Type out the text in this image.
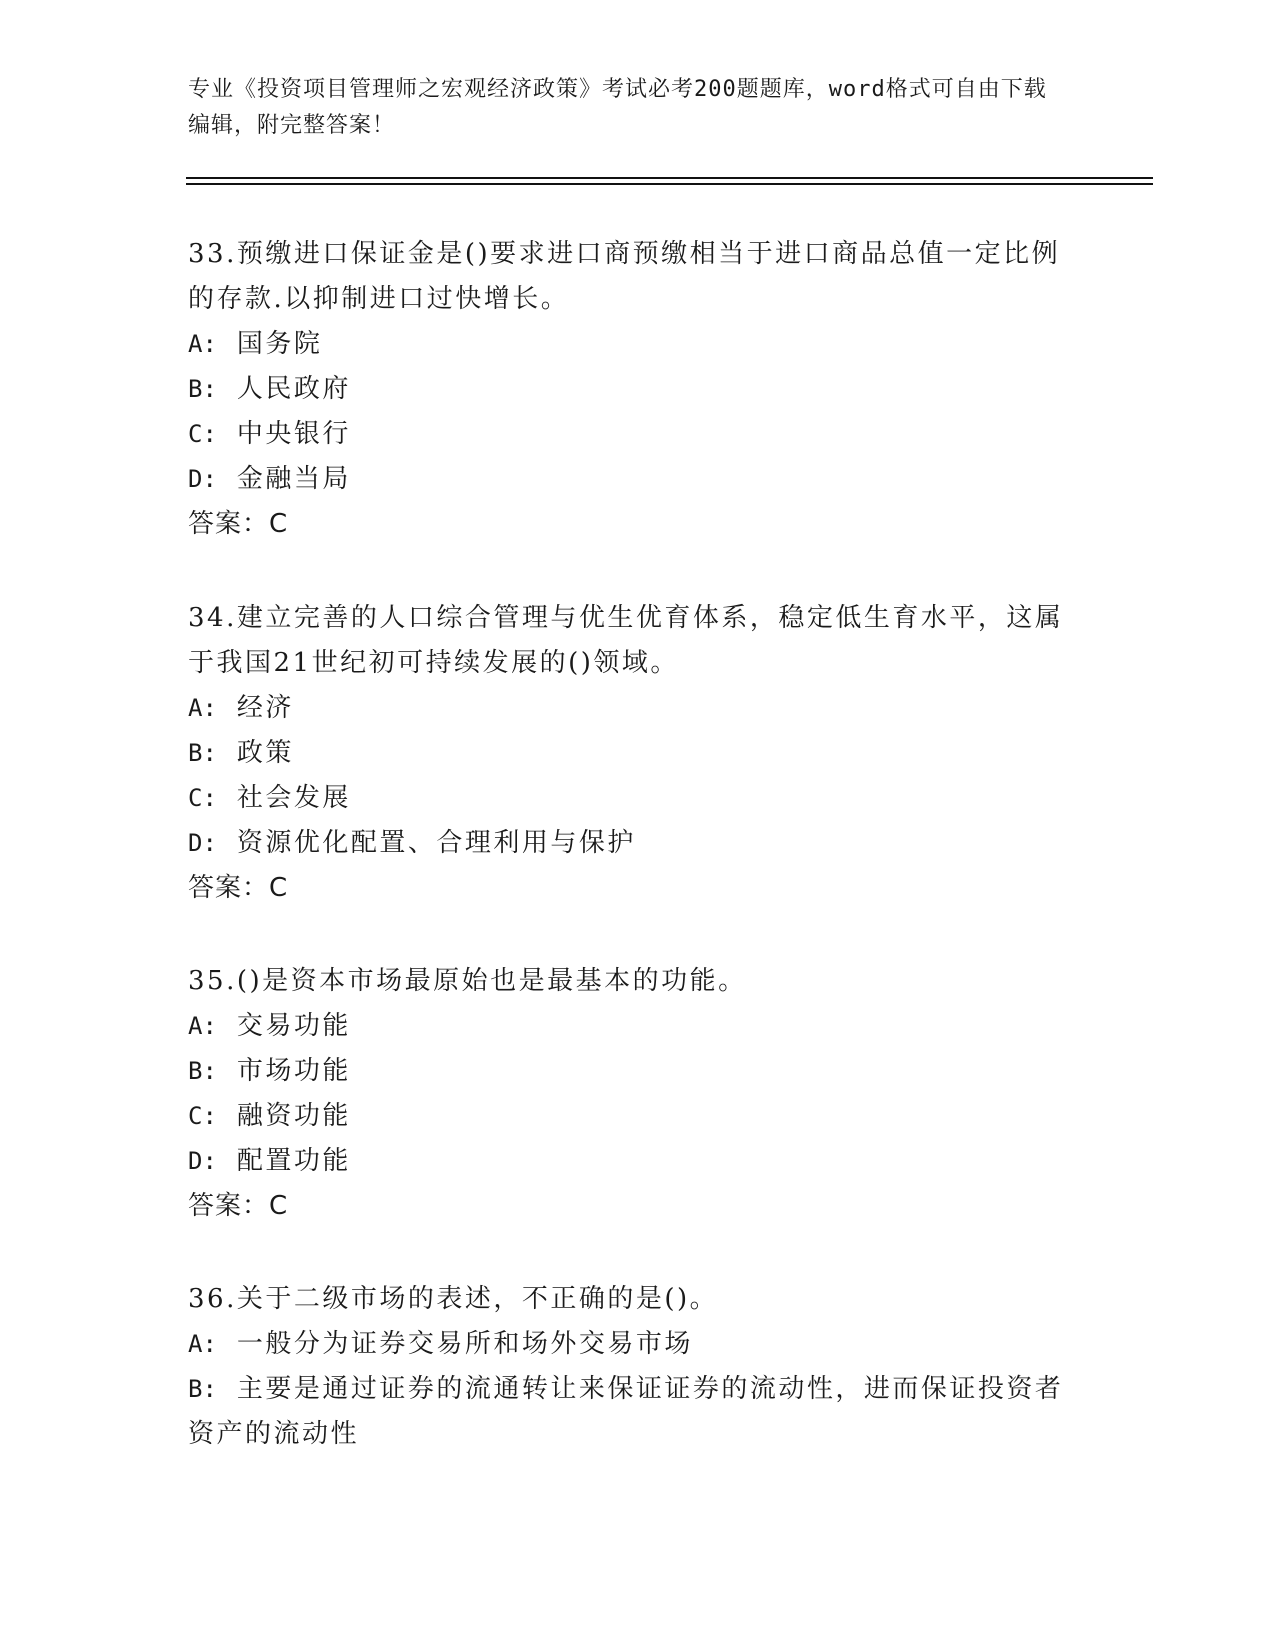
专业《投资项目管理师之宏观经济政策》考试必考200题题库，word格式可自由下载编辑，附完整答案！

33.预缴进口保证金是()要求进口商预缴相当于进口商品总值一定比例的存款.以抑制进口过快增长。

A: 国务院

B: 人民政府

C: 中央银行

D: 金融当局

答案：C

34.建立完善的人口综合管理与优生优育体系，稳定低生育水平，这属于我国21世纪初可持续发展的()领域。

A: 经济

B: 政策

C: 社会发展

D: 资源优化配置、合理利用与保护

答案：C

35.()是资本市场最原始也是最基本的功能。

A: 交易功能

B: 市场功能

C: 融资功能

D: 配置功能

答案：C

36.关于二级市场的表述，不正确的是()。

A: 一般分为证券交易所和场外交易市场

B: 主要是通过证券的流通转让来保证证券的流动性，进而保证投资者资产的流动性
